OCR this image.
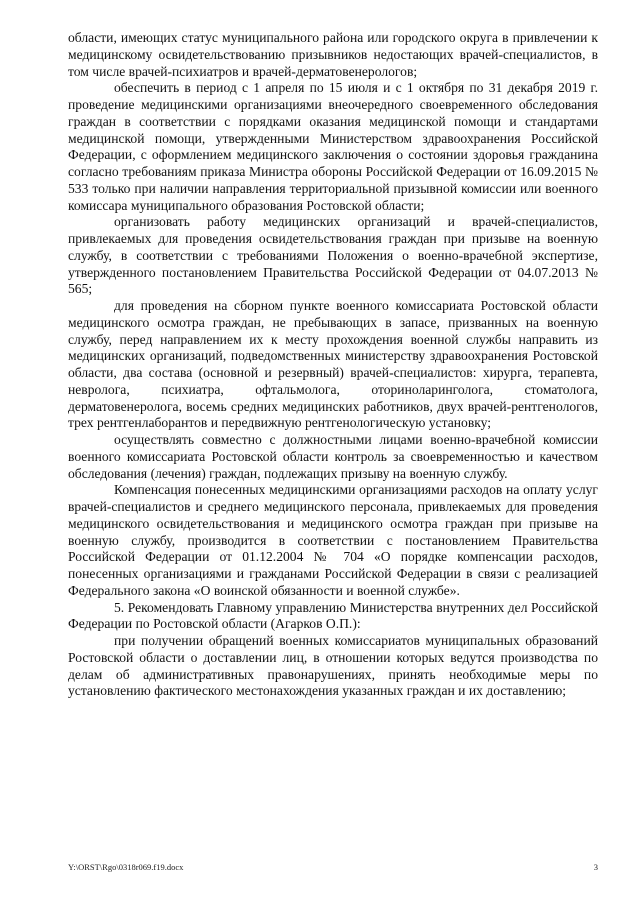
области, имеющих статус муниципального района или городского округа в привлечении к медицинскому освидетельствованию призывников недостающих врачей-специалистов, в том числе врачей-психиатров и врачей-дерматовенерологов;

обеспечить в период с 1 апреля по 15 июля и с 1 октября по 31 декабря 2019 г. проведение медицинскими организациями внеочередного своевременного обследования граждан в соответствии с порядками оказания медицинской помощи и стандартами медицинской помощи, утвержденными Министерством здравоохранения Российской Федерации, с оформлением медицинского заключения о состоянии здоровья гражданина согласно требованиям приказа Министра обороны Российской Федерации от 16.09.2015 № 533 только при наличии направления территориальной призывной комиссии или военного комиссара муниципального образования Ростовской области;

организовать работу медицинских организаций и врачей-специалистов, привлекаемых для проведения освидетельствования граждан при призыве на военную службу, в соответствии с требованиями Положения о военно-врачебной экспертизе, утвержденного постановлением Правительства Российской Федерации от 04.07.2013 № 565;

для проведения на сборном пункте военного комиссариата Ростовской области медицинского осмотра граждан, не пребывающих в запасе, призванных на военную службу, перед направлением их к месту прохождения военной службы направить из медицинских организаций, подведомственных министерству здравоохранения Ростовской области, два состава (основной и резервный) врачей-специалистов: хирурга, терапевта, невролога, психиатра, офтальмолога, оториноларинголога, стоматолога, дерматовенеролога, восемь средних медицинских работников, двух врачей-рентгенологов, трех рентгенлаборантов и передвижную рентгенологическую установку;

осуществлять совместно с должностными лицами военно-врачебной комиссии военного комиссариата Ростовской области контроль за своевременностью и качеством обследования (лечения) граждан, подлежащих призыву на военную службу.

Компенсация понесенных медицинскими организациями расходов на оплату услуг врачей-специалистов и среднего медицинского персонала, привлекаемых для проведения медицинского освидетельствования и медицинского осмотра граждан при призыве на военную службу, производится в соответствии с постановлением Правительства Российской Федерации от 01.12.2004 № 704 «О порядке компенсации расходов, понесенных организациями и гражданами Российской Федерации в связи с реализацией Федерального закона «О воинской обязанности и военной службе».

5. Рекомендовать Главному управлению Министерства внутренних дел Российской Федерации по Ростовской области (Агарков О.П.):

при получении обращений военных комиссариатов муниципальных образований Ростовской области о доставлении лиц, в отношении которых ведутся производства по делам об административных правонарушениях, принять необходимые меры по установлению фактического местонахождения указанных граждан и их доставлению;

Y:\ORST\Rgo\0318r069.f19.docx	3
